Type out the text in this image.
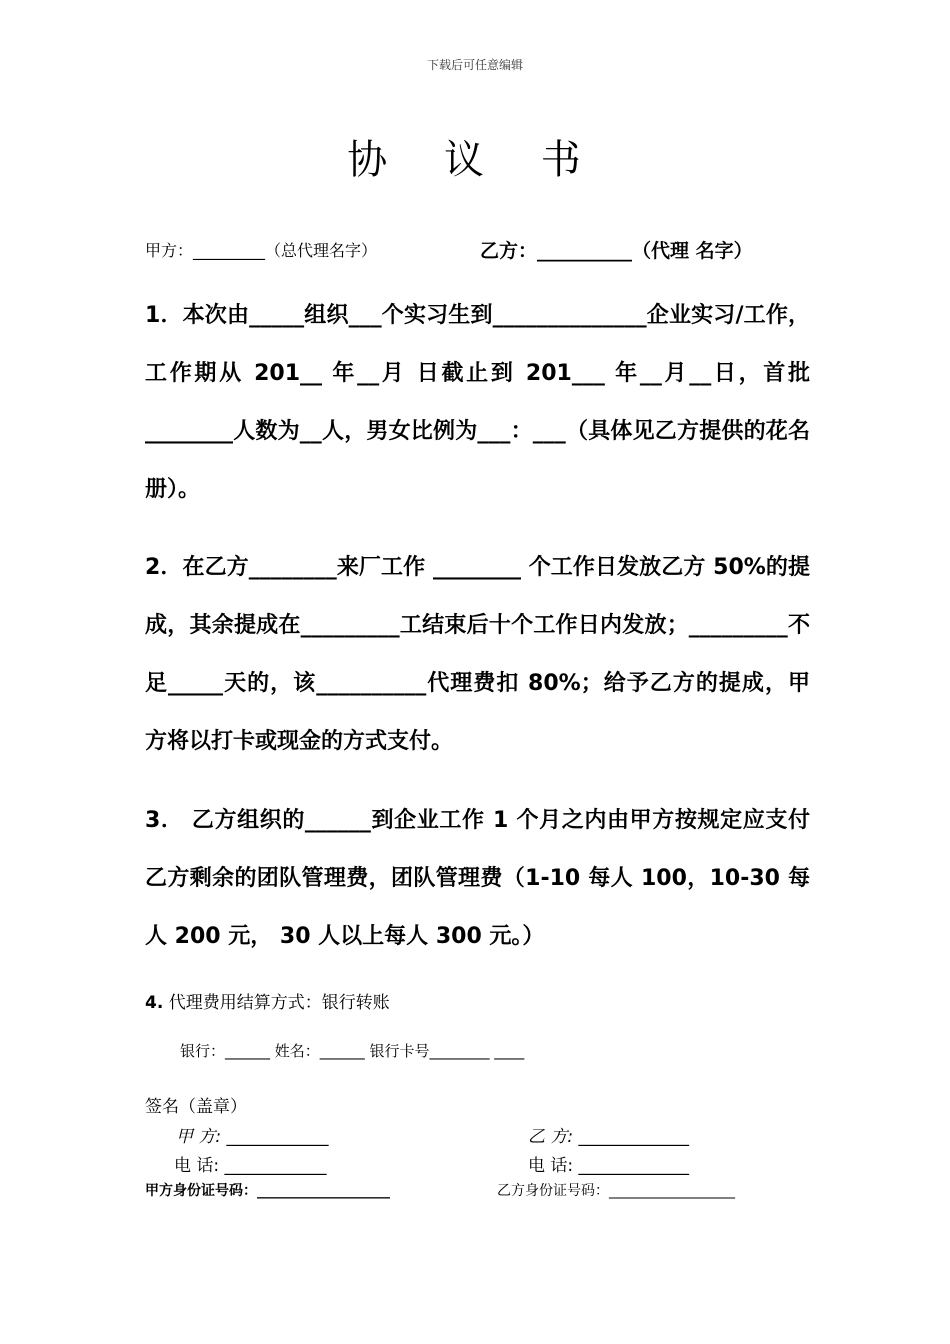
下载后可任意编辑
协 议 书
甲方：_________（总代理名字）	乙方：__________（代理 名字）
1．本次由_____组织___个实习生到______________企业实习/工作，工作期从 201__ 年__月 日截止到 201___ 年__月__日，首批________人数为__人，男女比例为___：___（具体见乙方提供的花名册）。
2．在乙方________来厂工作 ________ 个工作日发放乙方 50%的提成，其余提成在_________工结束后十个工作日内发放；_________不足_____天的，该__________代理费扣 80%；给予乙方的提成，甲方将以打卡或现金的方式支付。
3． 乙方组织的______到企业工作 1 个月之内由甲方按规定应支付乙方剩余的团队管理费，团队管理费（1-10 每人 100，10-30 每人 200 元， 30 人以上每人 300 元。）
4. 代理费用结算方式：银行转账
银行：______ 姓名：______ 银行卡号________ ____
签名（盖章）
甲 方: ____________
电 话: ____________
乙 方: _____________
电 话: _____________
甲方身份证号码：___________________	乙方身份证号码：__________________
